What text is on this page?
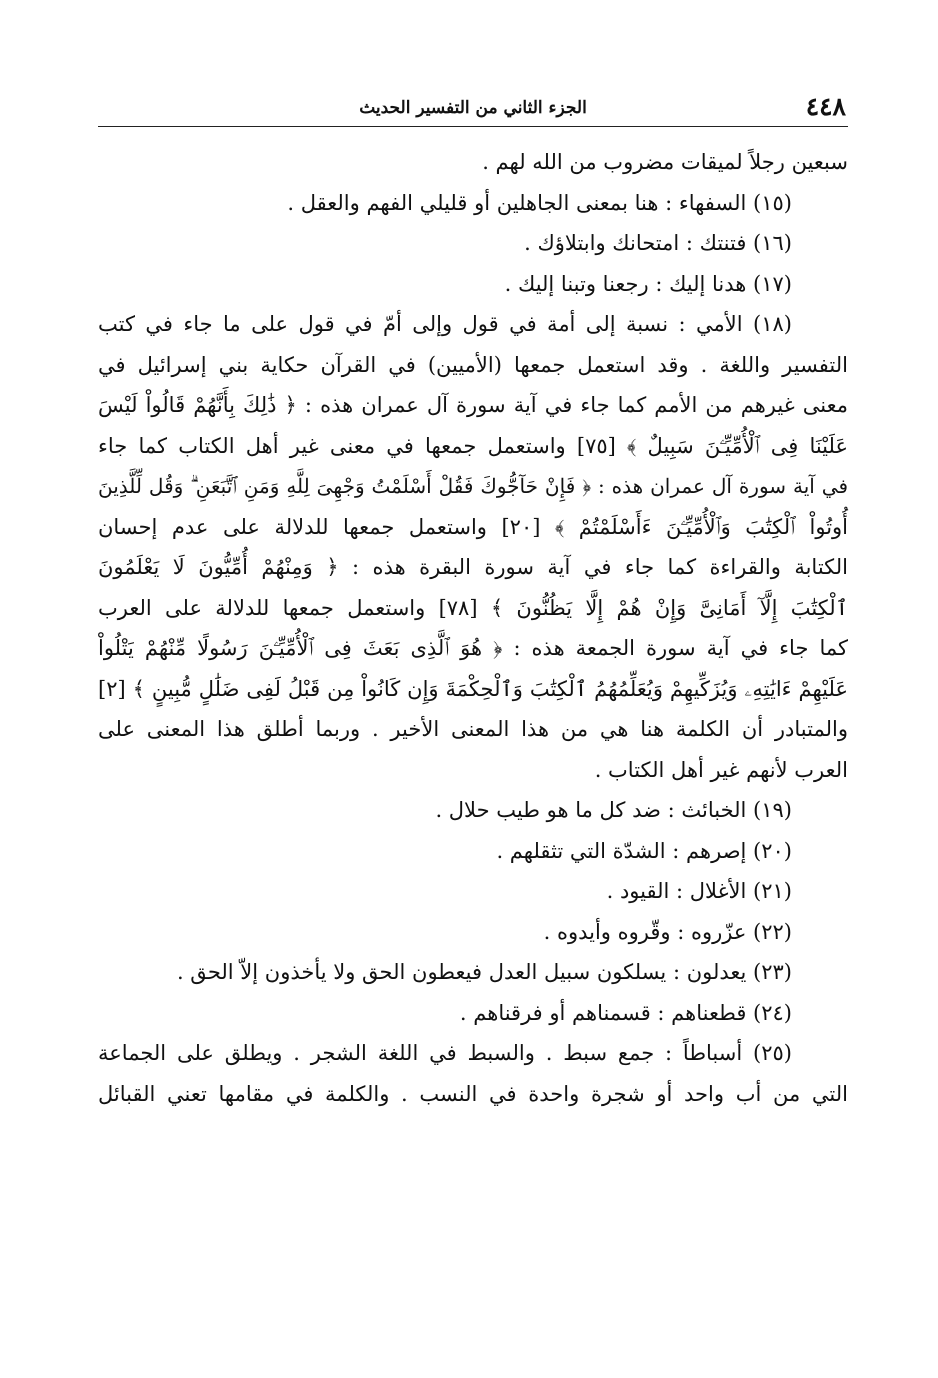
٤٤٨
الجزء الثاني من التفسير الحديث
سبعين رجلاً لميقات مضروب من الله لهم .
(١٥) السفهاء : هنا بمعنى الجاهلين أو قليلي الفهم والعقل .
(١٦) فتنتك : امتحانك وابتلاؤك .
(١٧) هدنا إليك : رجعنا وتبنا إليك .
(١٨) الأمي : نسبة إلى أمة في قول وإلى أمّ في قول على ما جاء في كتب
التفسير واللغة . وقد استعمل جمعها (الأميين) في القرآن حكاية بني إسرائيل في
معنى غيرهم من الأمم كما جاء في آية سورة آل عمران هذه : ﴿ ذَٰلِكَ بِأَنَّهُمْ قَالُواْ لَيْسَ
عَلَيْنَا فِى ٱلْأُمِّيِّـۧنَ سَبِيلٌ ﴾ [٧٥] واستعمل جمعها في معنى غير أهل الكتاب كما جاء
في آية سورة آل عمران هذه : ﴿ فَإِنْ حَآجُّوكَ فَقُلْ أَسْلَمْتُ وَجْهِىَ لِلَّهِ وَمَنِ ٱتَّبَعَنِ ۗ وَقُل لِّلَّذِينَ
أُوتُواْ ٱلْكِتَٰبَ وَٱلْأُمِّيِّـۧنَ ءَأَسْلَمْتُمْ ﴾ [٢٠] واستعمل جمعها للدلالة على عدم إحسان
الكتابة والقراءة كما جاء في آية سورة البقرة هذه : ﴿ وَمِنْهُمْ أُمِّيُّونَ لَا يَعْلَمُونَ
ٱلْكِتَٰبَ إِلَّآ أَمَانِىَّ وَإِنْ هُمْ إِلَّا يَظُنُّونَ ﴾ [٧٨] واستعمل جمعها للدلالة على العرب
كما جاء في آية سورة الجمعة هذه : ﴿ هُوَ ٱلَّذِى بَعَثَ فِى ٱلْأُمِّيِّـۧنَ رَسُولًا مِّنْهُمْ يَتْلُواْ
عَلَيْهِمْ ءَايَٰتِهِۦ وَيُزَكِّيهِمْ وَيُعَلِّمُهُمُ ٱلْكِتَٰبَ وَٱلْحِكْمَةَ وَإِن كَانُواْ مِن قَبْلُ لَفِى ضَلَٰلٍ مُّبِينٍ ﴾ [٢]
والمتبادر أن الكلمة هنا هي من هذا المعنى الأخير . وربما أطلق هذا المعنى على
العرب لأنهم غير أهل الكتاب .
(١٩) الخبائث : ضد كل ما هو طيب حلال .
(٢٠) إصرهم : الشدّة التي تثقلهم .
(٢١) الأغلال : القيود .
(٢٢) عزّروه : وقّروه وأيدوه .
(٢٣) يعدلون : يسلكون سبيل العدل فيعطون الحق ولا يأخذون إلاّ الحق .
(٢٤) قطعناهم : قسمناهم أو فرقناهم .
(٢٥) أسباطاً : جمع سبط . والسبط في اللغة الشجر . ويطلق على الجماعة
التي من أب واحد أو شجرة واحدة في النسب . والكلمة في مقامها تعني القبائل
